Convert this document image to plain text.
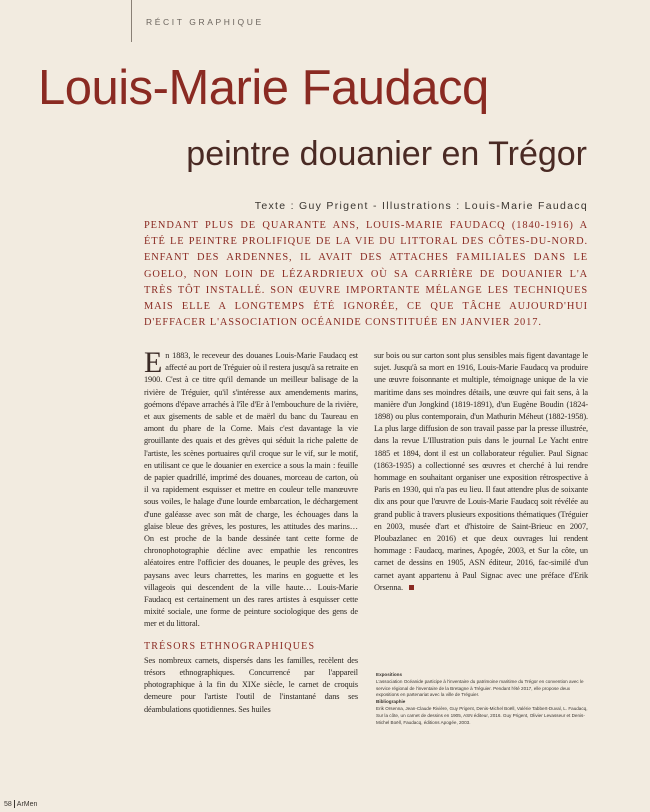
RÉCIT GRAPHIQUE
Louis-Marie Faudacq
peintre douanier en Trégor
Texte : Guy Prigent - Illustrations : Louis-Marie Faudacq
PENDANT PLUS DE QUARANTE ANS, LOUIS-MARIE FAUDACQ (1840-1916) A ÉTÉ LE PEINTRE PROLIFIQUE DE LA VIE DU LITTORAL DES CÔTES-DU-NORD. ENFANT DES ARDENNES, IL AVAIT DES ATTACHES FAMILIALES DANS LE GOELO, NON LOIN DE LÉZARDRIEUX OÙ SA CARRIÈRE DE DOUANIER L'A TRÈS TÔT INSTALLÉ. SON ŒUVRE IMPORTANTE MÉLANGE LES TECHNIQUES MAIS ELLE A LONGTEMPS ÉTÉ IGNORÉE, CE QUE TÂCHE AUJOURD'HUI D'EFFACER L'ASSOCIATION OCÉANIDE CONSTITUÉE EN JANVIER 2017.

En 1883, le receveur des douanes Louis-Marie Faudacq est affecté au port de Tréguier où il restera jusqu'à sa retraite en 1900. C'est à ce titre qu'il demande un meilleur balisage de la rivière de Tréguier, qu'il s'intéresse aux amendements marins, goémons d'épave arrachés à l'île d'Er à l'embouchure de la rivière, et aux gisements de sable et de maërl du banc du Taureau en amont du phare de la Corne. Mais c'est davantage la vie grouillante des quais et des grèves qui séduit la riche palette de l'artiste, les scènes portuaires qu'il croque sur le vif, sur le motif, en utilisant ce que le douanier en exercice a sous la main : feuille de papier quadrillé, imprimé des douanes, morceau de carton, où il va rapidement esquisser et mettre en couleur telle manœuvre sous voiles, le halage d'une lourde embarcation, le déchargement d'une galéasse avec son mât de charge, les échouages dans la glaise bleue des grèves, les postures, les attitudes des marins… On est proche de la bande dessinée tant cette forme de chronophotographie décline avec empathie les rencontres aléatoires entre l'officier des douanes, le peuple des grèves, les paysans avec leurs charrettes, les marins en goguette et les villageois qui descendent de la ville haute… Louis-Marie Faudacq est certainement un des rares artistes à esquisser cette mixité sociale, une forme de peinture sociologique des gens de mer et du littoral.

TRÉSORS ETHNOGRAPHIQUES

Ses nombreux carnets, dispersés dans les familles, recèlent des trésors ethnographiques. Concurrencé par l'appareil photographique à la fin du XIXe siècle, le carnet de croquis demeure pour l'artiste l'outil de l'instantané dans ses déambulations quotidiennes. Ses huiles

sur bois ou sur carton sont plus sensibles mais figent davantage le sujet. Jusqu'à sa mort en 1916, Louis-Marie Faudacq va produire une œuvre foisonnante et multiple, témoignage unique de la vie maritime dans ses moindres détails, une œuvre qui fait sens, à la manière d'un Jongkind (1819-1891), d'un Eugène Boudin (1824-1898) ou plus contemporain, d'un Mathurin Méheut (1882-1958). La plus large diffusion de son travail passe par la presse illustrée, dans la revue L'Illustration puis dans le journal Le Yacht entre 1885 et 1894, dont il est un collaborateur régulier. Paul Signac (1863-1935) a collectionné ses œuvres et cherché à lui rendre hommage en souhaitant organiser une exposition rétrospective à Paris en 1930, qui n'a pas eu lieu. Il faut attendre plus de soixante dix ans pour que l'œuvre de Louis-Marie Faudacq soit révélée au grand public à travers plusieurs expositions thématiques (Tréguier en 2003, musée d'art et d'histoire de Saint-Brieuc en 2007, Ploubazlanec en 2016) et que deux ouvrages lui rendent hommage : Faudacq, marines, Apogée, 2003, et Sur la côte, un carnet de dessins en 1905, ASN éditeur, 2016, fac-similé d'un carnet ayant appartenu à Paul Signac avec une préface d'Erik Orsenna.

Expositions

L'association Océanide participe à l'inventaire du patrimoine maritime du Trégor en convention avec le service régional de l'inventaire de la Bretagne à Tréguier. Pendant l'été 2017, elle propose deux expositions en partenariat avec la ville de Tréguier.

Bibliographie

Erik Orsenna, Jean-Claude Rivière, Guy Prigent, Denis-Michel Boëll, Valérie Tabbert-Duval, L. Faudacq, Sur la côte, un carnet de dessins en 1905, ASN éditeur, 2016. Guy Prigent, Olivier Levasseur et Denis-Michel Boëll, Faudacq, éditions Apogée, 2003.

58 ArMen
